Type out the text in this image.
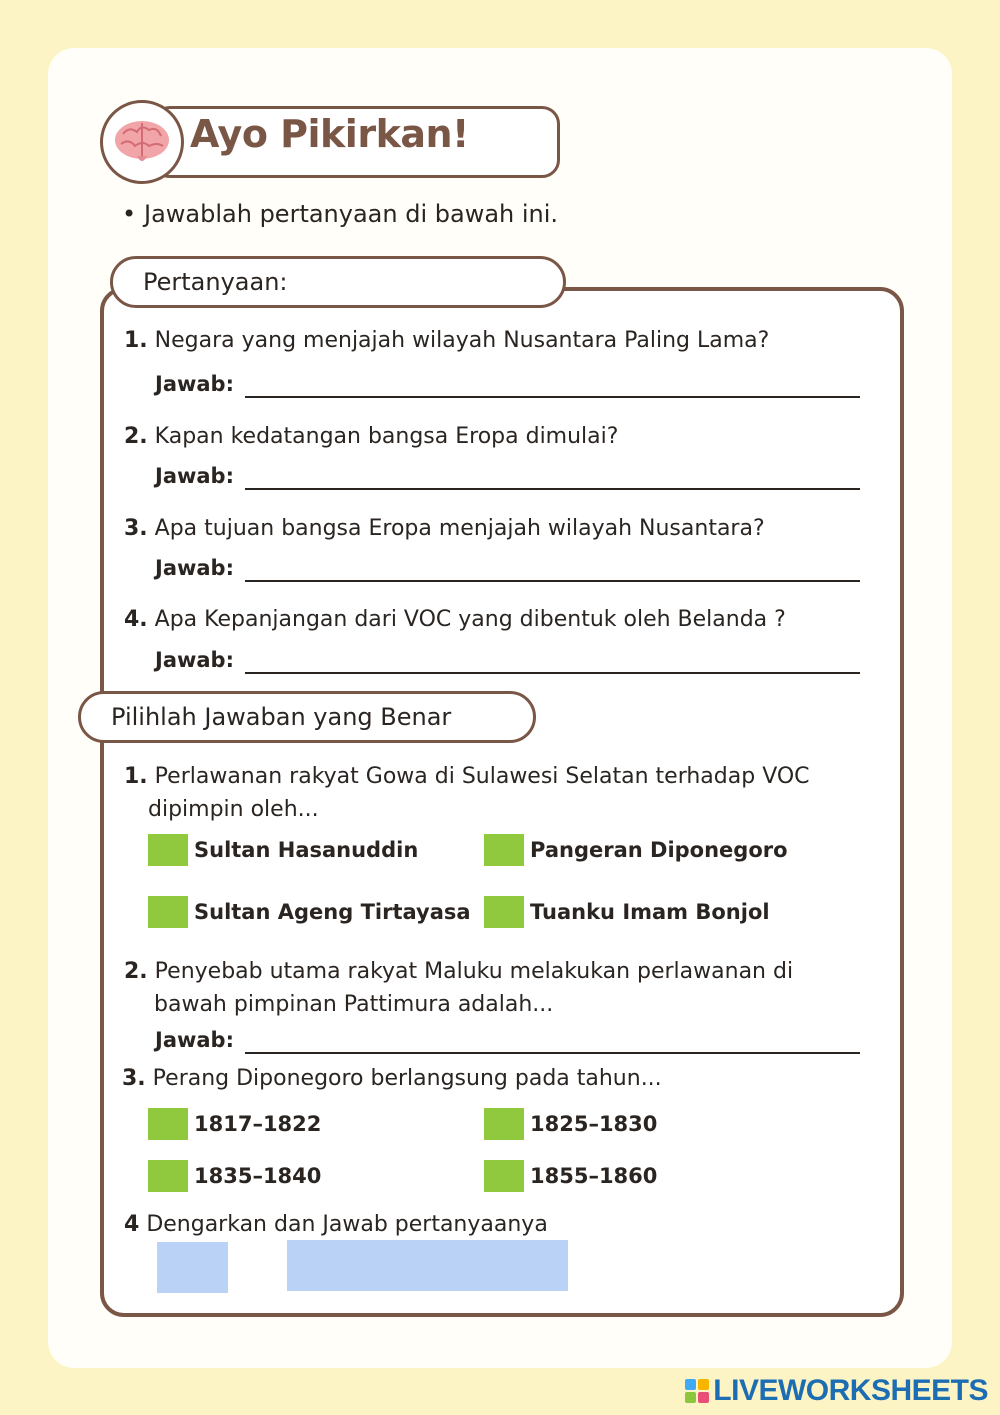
Ayo Pikirkan!
• Jawablah pertanyaan di bawah ini.
Pertanyaan:
1. Negara yang menjajah wilayah Nusantara Paling Lama?
Jawab:
2. Kapan kedatangan bangsa Eropa dimulai?
Jawab:
3. Apa tujuan bangsa Eropa menjajah wilayah Nusantara?
Jawab:
4. Apa Kepanjangan dari VOC yang dibentuk oleh Belanda ?
Jawab:
Pilihlah Jawaban yang Benar
1. Perlawanan rakyat Gowa di Sulawesi Selatan terhadap VOC
dipimpin oleh...
Sultan Hasanuddin	Pangeran Diponegoro
Sultan Ageng Tirtayasa	Tuanku Imam Bonjol
2. Penyebab utama rakyat Maluku melakukan perlawanan di
bawah pimpinan Pattimura adalah...
Jawab:
3. Perang Diponegoro berlangsung pada tahun...
1817–1822	1825–1830
1835–1840	1855–1860
4 Dengarkan dan Jawab pertanyaanya
LIVEWORKSHEETS
